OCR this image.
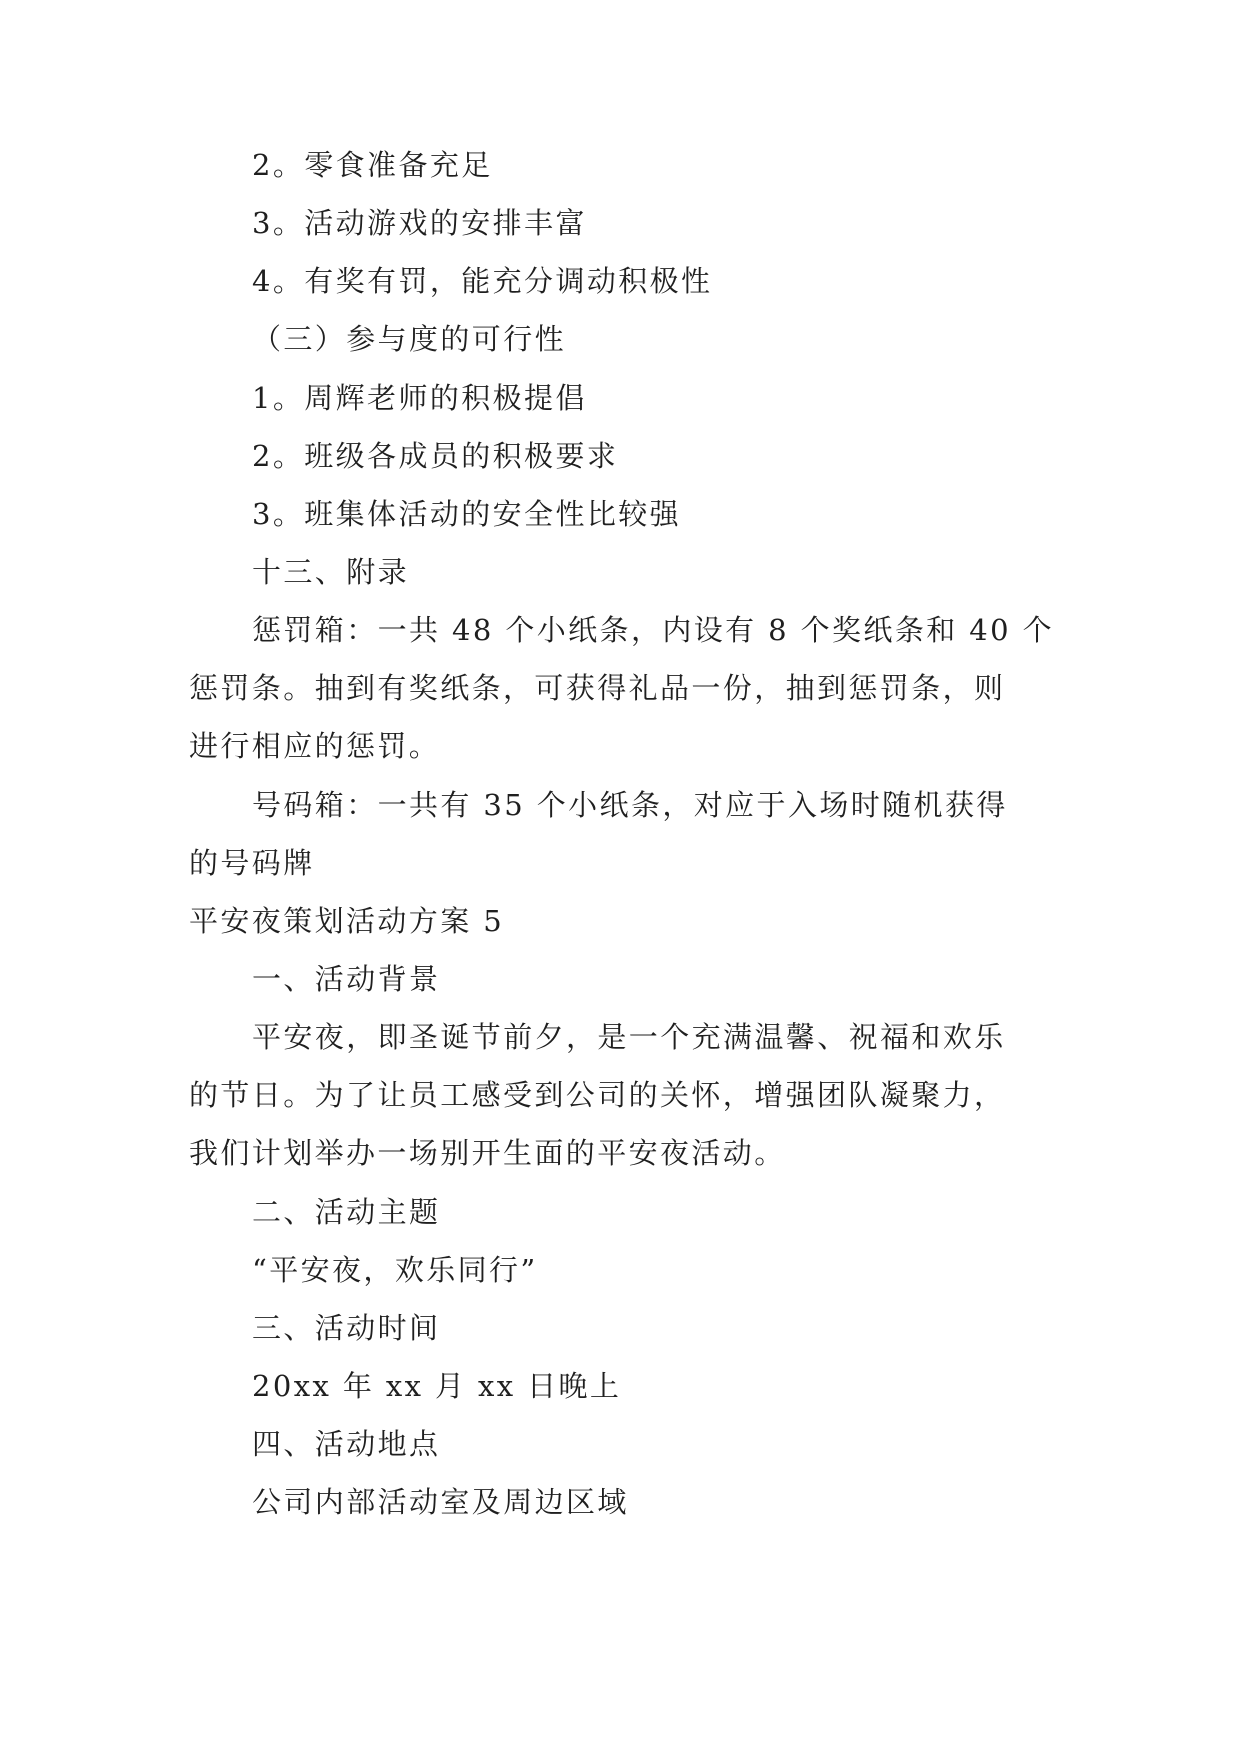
2。零食准备充足

3。活动游戏的安排丰富

4。有奖有罚，能充分调动积极性

（三）参与度的可行性

1。周辉老师的积极提倡

2。班级各成员的积极要求

3。班集体活动的安全性比较强

十三、附录

惩罚箱：一共 48 个小纸条，内设有 8 个奖纸条和 40 个

惩罚条。抽到有奖纸条，可获得礼品一份，抽到惩罚条，则

进行相应的惩罚。

号码箱：一共有 35 个小纸条，对应于入场时随机获得

的号码牌

平安夜策划活动方案 5

一、活动背景

平安夜，即圣诞节前夕，是一个充满温馨、祝福和欢乐

的节日。为了让员工感受到公司的关怀，增强团队凝聚力，

我们计划举办一场别开生面的平安夜活动。

二、活动主题

“平安夜，欢乐同行”

三、活动时间

20xx 年 xx 月 xx 日晚上

四、活动地点

公司内部活动室及周边区域
